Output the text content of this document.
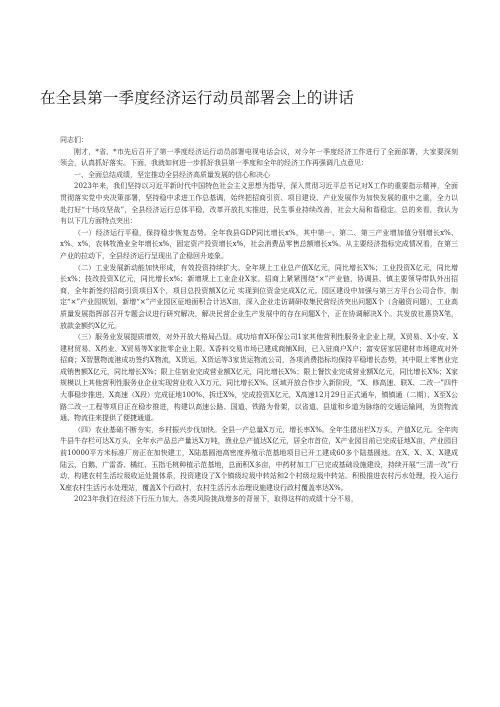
在全县第一季度经济运行动员部署会上的讲话

同志们：

刚才，*省、*市先后召开了第一季度经济运行动员部署电视电话会议，对今年一季度经济工作进行了全面部署，大家要深刻领会，认真抓好落实。下面，我就如何进一步抓好我县第一季度和全年的经济工作再强调几点意见：

一、全面总结成绩，坚定推动全县经济高质量发展的信心和决心

2023年来，我们坚持以习近平新时代中国特色社会主义思想为指导，深入贯彻习近平总书记对X工作的重要指示精神，全面贯彻落实党中央决策部署，坚持稳中求进工作总基调，始终把招商引资、项目建设、产业发展作为加快发展的重中之重，全力以赴打好“十场攻坚战”，全县经济运行总体平稳，改革开放扎实推进，民生事业持续改善，社会大局和谐稳定。总的来看，我认为有以下几方面特点突出：

（一）经济运行平稳，保持稳步恢复态势。全年我县GDP同比增长x%，其中第一、第二、第三产业增加值分别增长x%、x%、x%，农林牧渔业全年增长x%，固定资产投资增长x%，社会消费品零售总额增长x%。从主要经济指标完成情况看，在第三产业的拉动下，全县经济运行呈现出了企稳回升迹象。

（二）工业发展新动能加快形成，有效投资持续扩大。全年规上工业总产值X亿元，同比增长X%；工业投资X亿元，同比增长x%；技改投资X亿元，同比增长x%；新增规上工业企业X家。招商上紧紧围绕“×”产业链，协调县、镇主要领导带队外出招商，全年新签约招商引资项目X个，项目总投资额X亿元 实现到位资金完成X亿元。园区建设中加强与第三方平台公司合作，制定“×”产业园规划，新增“×”产业园区征地面积合计达X亩，深入企业走访调研收集民营经济突出问题X个（含融资问题），工业高质量发展指挥部召开专题会议进行研究解决，解决民营企业生产发展中的存在问题X个，正在协调解决X个。共发放社惠贷X笔，放款金额约X亿元。

（三）服务业发展提质增效，对外开放大格局凸显。成功培育X环保公司1家其他营利性服务业企业上规，X贸易、X小安、X建材贸易、X药业、X贸易等X家批零企业上限。X香料交易市场已建成商铺X间，已入驻商户X户；富安居家居建材市场建成对外招商；X智慧物流港成功签约X物流，X货运，X货运等3家货运物流公司，各项消费指标均保持平稳增长态势，其中限上零售业完成销售额X亿元，同比增长X%；限上住宿业完成营业额X亿元，同比增长X%；限上餐饮业完成营业额X亿元，同比增长X%；X家规模以上其他营利性服务业企业实现营业收入X万元，同比增长X%。区域开放合作步入新阶段，“X、修高速、联X、二改一”四件大事稳步推进，X高速（X段）完成征地100%、拆迁X%，完成投资X亿元，X高速12月29日正式通车，镇镇通（二期）、X至X公路二改一工程等项目正在稳步推进，构建以高速公路、国道、铁路为骨架，以省道、县道和乡道为脉络的交通运输网，为货物流通、物流往来提供了便捷通道。

（四）农业基础不断夯实，乡村振兴步伐加快。全县一产总量X万元，增长率X%。全年生猪出栏X万头，产值X亿元。全年肉牛县牛存栏可达X万头，全年水产品总产量达X万吨，渔业总产值达X亿元，居全市首位，X产业园目前已完成征地X亩，产业园目前10000平方米标准厂房正在加快建工，X陆基圆池高密度养殖示范基地项目已开工建成60多个陆基圆池。在X、X、X、X建成陆云、白鹅、广雷香、橘红、玉指毛桃种植示范基地，总面积X多亩，中药材加工厂已完成基础设施建设，持续开展“三清一改”行动，构建农村生活垃圾收运处置体系，投资建设了X个镇级垃圾中转站和2个村级垃圾中转站。积极推进农村污水处理，投入运行X座农村生活污水处理站，覆盖X个行政村，农村生活污水治理设施建设行政村覆盖率达X%。

2023年我们在经济下行压力加大、各类风险挑战增多的背景下，取得这样的成绩十分不易，
